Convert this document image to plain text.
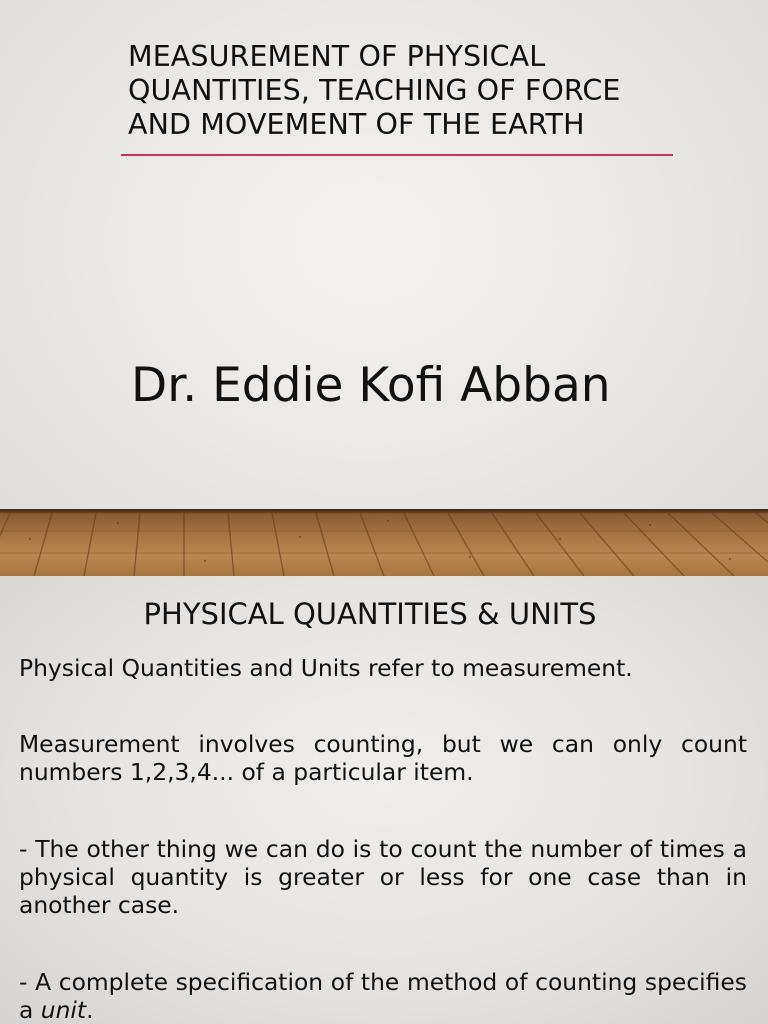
MEASUREMENT OF PHYSICAL
QUANTITIES, TEACHING OF FORCE
AND MOVEMENT OF THE EARTH
Dr. Eddie Kofi Abban
PHYSICAL QUANTITIES & UNITS
Physical Quantities and Units refer to measurement.
Measurement involves counting, but we can only count numbers 1,2,3,4... of a particular item.
- The other thing we can do is to count the number of times a physical quantity is greater or less for one case than in another case.
- A complete specification of the method of counting specifies a unit.
